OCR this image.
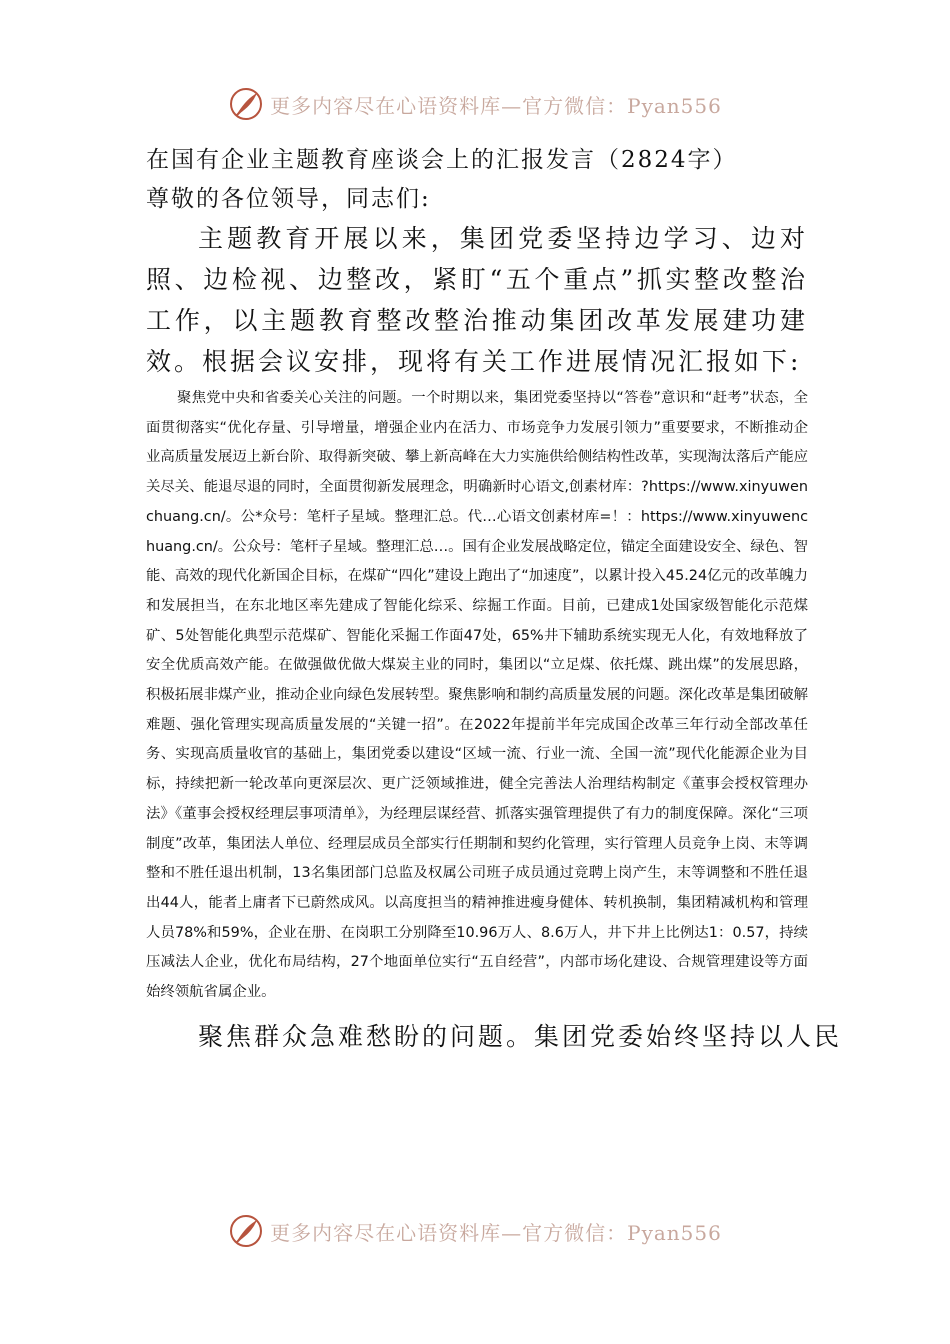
更多内容尽在心语资料库—官方微信：Pyan556

在国有企业主题教育座谈会上的汇报发言（2824字）

尊敬的各位领导，同志们:

主题教育开展以来，集团党委坚持边学习、边对照、边检视、边整改，紧盯“五个重点”抓实整改整治工作，以主题教育整改整治推动集团改革发展建功建效。根据会议安排，现将有关工作进展情况汇报如下:

聚焦党中央和省委关心关注的问题。一个时期以来，集团党委坚持以“答卷”意识和“赶考”状态，全面贯彻落实“优化存量、引导增量，增强企业内在活力、市场竞争力发展引领力”重要要求，不断推动企业高质量发展迈上新台阶、取得新突破、攀上新高峰在大力实施供给侧结构性改革，实现淘汰落后产能应关尽关、能退尽退的同时，全面贯彻新发展理念，明确新时心语文,创素材库：?https://www.xinyuwenchuang.cn/。公*众号：笔杆子星域。整理汇总。代…心语文创素材库=！：https://www.xinyuwenchuang.cn/。公众号：笔杆子星域。整理汇总…。国有企业发展战略定位，锚定全面建设安全、绿色、智能、高效的现代化新国企目标，在煤矿“四化”建设上跑出了“加速度”，以累计投入45.24亿元的改革魄力和发展担当，在东北地区率先建成了智能化综采、综掘工作面。目前，已建成1处国家级智能化示范煤矿、5处智能化典型示范煤矿、智能化采掘工作面47处，65%井下辅助系统实现无人化，有效地释放了安全优质高效产能。在做强做优做大煤炭主业的同时，集团以“立足煤、依托煤、跳出煤”的发展思路，积极拓展非煤产业，推动企业向绿色发展转型。聚焦影响和制约高质量发展的问题。深化改革是集团破解难题、强化管理实现高质量发展的“关键一招”。在2022年提前半年完成国企改革三年行动全部改革任务、实现高质量收官的基础上，集团党委以建设“区域一流、行业一流、全国一流”现代化能源企业为目标，持续把新一轮改革向更深层次、更广泛领域推进，健全完善法人治理结构制定《董事会授权管理办法》《董事会授权经理层事项清单》，为经理层谋经营、抓落实强管理提供了有力的制度保障。深化“三项制度”改革，集团法人单位、经理层成员全部实行任期制和契约化管理，实行管理人员竞争上岗、末等调整和不胜任退出机制，13名集团部门总监及权属公司班子成员通过竞聘上岗产生，末等调整和不胜任退出44人，能者上庸者下已蔚然成风。以高度担当的精神推进瘦身健体、转机换制，集团精减机构和管理人员78%和59%，企业在册、在岗职工分别降至10.96万人、8.6万人，井下井上比例达1：0.57，持续压减法人企业，优化布局结构，27个地面单位实行“五自经营”，内部市场化建设、合规管理建设等方面始终领航省属企业。

聚焦群众急难愁盼的问题。集团党委始终坚持以人民

更多内容尽在心语资料库—官方微信：Pyan556
